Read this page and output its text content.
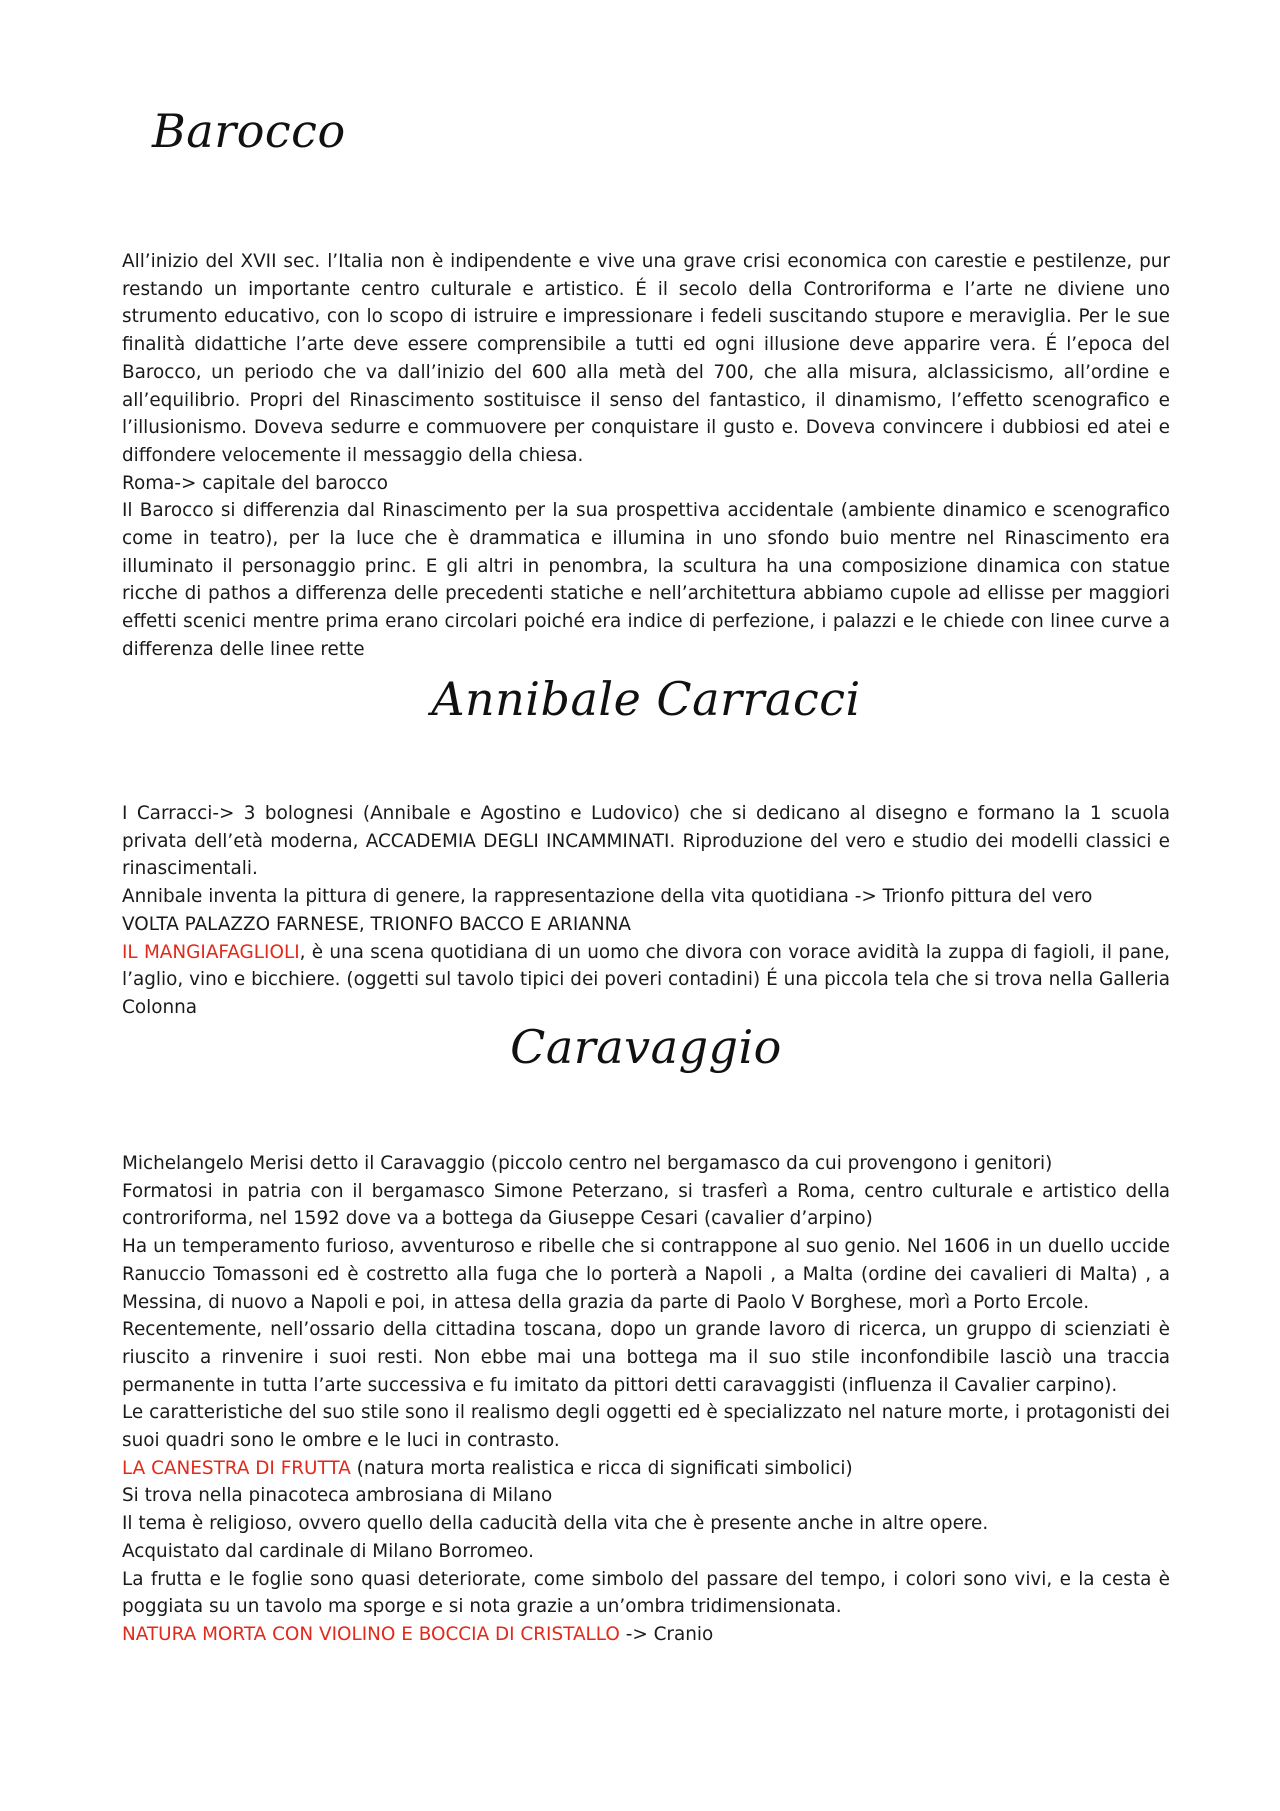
Barocco

All’inizio del XVII sec. l’Italia non è indipendente e vive una grave crisi economica con carestie e pestilenze, pur restando un importante centro culturale e artistico. É il secolo della Controriforma e l’arte ne diviene uno strumento educativo, con lo scopo di istruire e impressionare i fedeli suscitando stupore e meraviglia. Per le sue finalità didattiche l’arte deve essere comprensibile a tutti ed ogni illusione deve apparire vera. É l’epoca del Barocco, un periodo che va dall’inizio del 600 alla metà del 700, che alla misura, alclassicismo, all’ordine e all’equilibrio. Propri del Rinascimento sostituisce il senso del fantastico, il dinamismo, l’effetto scenografico e l’illusionismo. Doveva sedurre e commuovere per conquistare il gusto e. Doveva convincere i dubbiosi ed atei e diffondere velocemente il messaggio della chiesa.

Roma-> capitale del barocco

Il Barocco si differenzia dal Rinascimento per la sua prospettiva accidentale (ambiente dinamico e scenografico come in teatro), per la luce che è drammatica e illumina in uno sfondo buio mentre nel Rinascimento era illuminato il personaggio princ. E gli altri in penombra, la scultura ha una composizione dinamica con statue ricche di pathos a differenza delle precedenti statiche e nell’architettura abbiamo cupole ad ellisse per maggiori effetti scenici mentre prima erano circolari poiché era indice di perfezione, i palazzi e le chiede con linee curve a differenza delle linee rette

Annibale Carracci

I Carracci-> 3 bolognesi (Annibale e Agostino e Ludovico) che si dedicano al disegno e formano la 1 scuola privata dell’età moderna, ACCADEMIA DEGLI INCAMMINATI. Riproduzione del vero e studio dei modelli classici e rinascimentali.

Annibale inventa la pittura di genere, la rappresentazione della vita quotidiana -> Trionfo pittura del vero

VOLTA PALAZZO FARNESE, TRIONFO BACCO E ARIANNA

IL MANGIAFAGLIOLI, è una scena quotidiana di un uomo che divora con vorace avidità la zuppa di fagioli, il pane, l’aglio, vino e bicchiere. (oggetti sul tavolo tipici dei poveri contadini) É una piccola tela che si trova nella Galleria Colonna

Caravaggio

Michelangelo Merisi detto il Caravaggio (piccolo centro nel bergamasco da cui provengono i genitori)

Formatosi in patria con il bergamasco Simone Peterzano, si trasferì a Roma, centro culturale e artistico della controriforma, nel 1592 dove va a bottega da Giuseppe Cesari (cavalier d’arpino)

Ha un temperamento furioso, avventuroso e ribelle che si contrappone al suo genio. Nel 1606 in un duello uccide Ranuccio Tomassoni ed è costretto alla fuga che lo porterà a Napoli , a Malta (ordine dei cavalieri di Malta) , a Messina, di nuovo a Napoli e poi, in attesa della grazia da parte di Paolo V Borghese, morì a Porto Ercole.

Recentemente, nell’ossario della cittadina toscana, dopo un grande lavoro di ricerca, un gruppo di scienziati è riuscito a rinvenire i suoi resti. Non ebbe mai una bottega ma il suo stile inconfondibile lasciò una traccia permanente in tutta l’arte successiva e fu imitato da pittori detti caravaggisti (influenza il Cavalier carpino).

Le caratteristiche del suo stile sono il realismo degli oggetti ed è specializzato nel nature morte, i protagonisti dei suoi quadri sono le ombre e le luci in contrasto.

LA CANESTRA DI FRUTTA (natura morta realistica e ricca di significati simbolici)

Si trova nella pinacoteca ambrosiana di Milano

Il tema è religioso, ovvero quello della caducità della vita che è presente anche in altre opere.

Acquistato dal cardinale di Milano Borromeo.

La frutta e le foglie sono quasi deteriorate, come simbolo del passare del tempo, i colori sono vivi, e la cesta è poggiata su un tavolo ma sporge e si nota grazie a un’ombra tridimensionata.

NATURA MORTA CON VIOLINO E BOCCIA DI CRISTALLO -> Cranio
